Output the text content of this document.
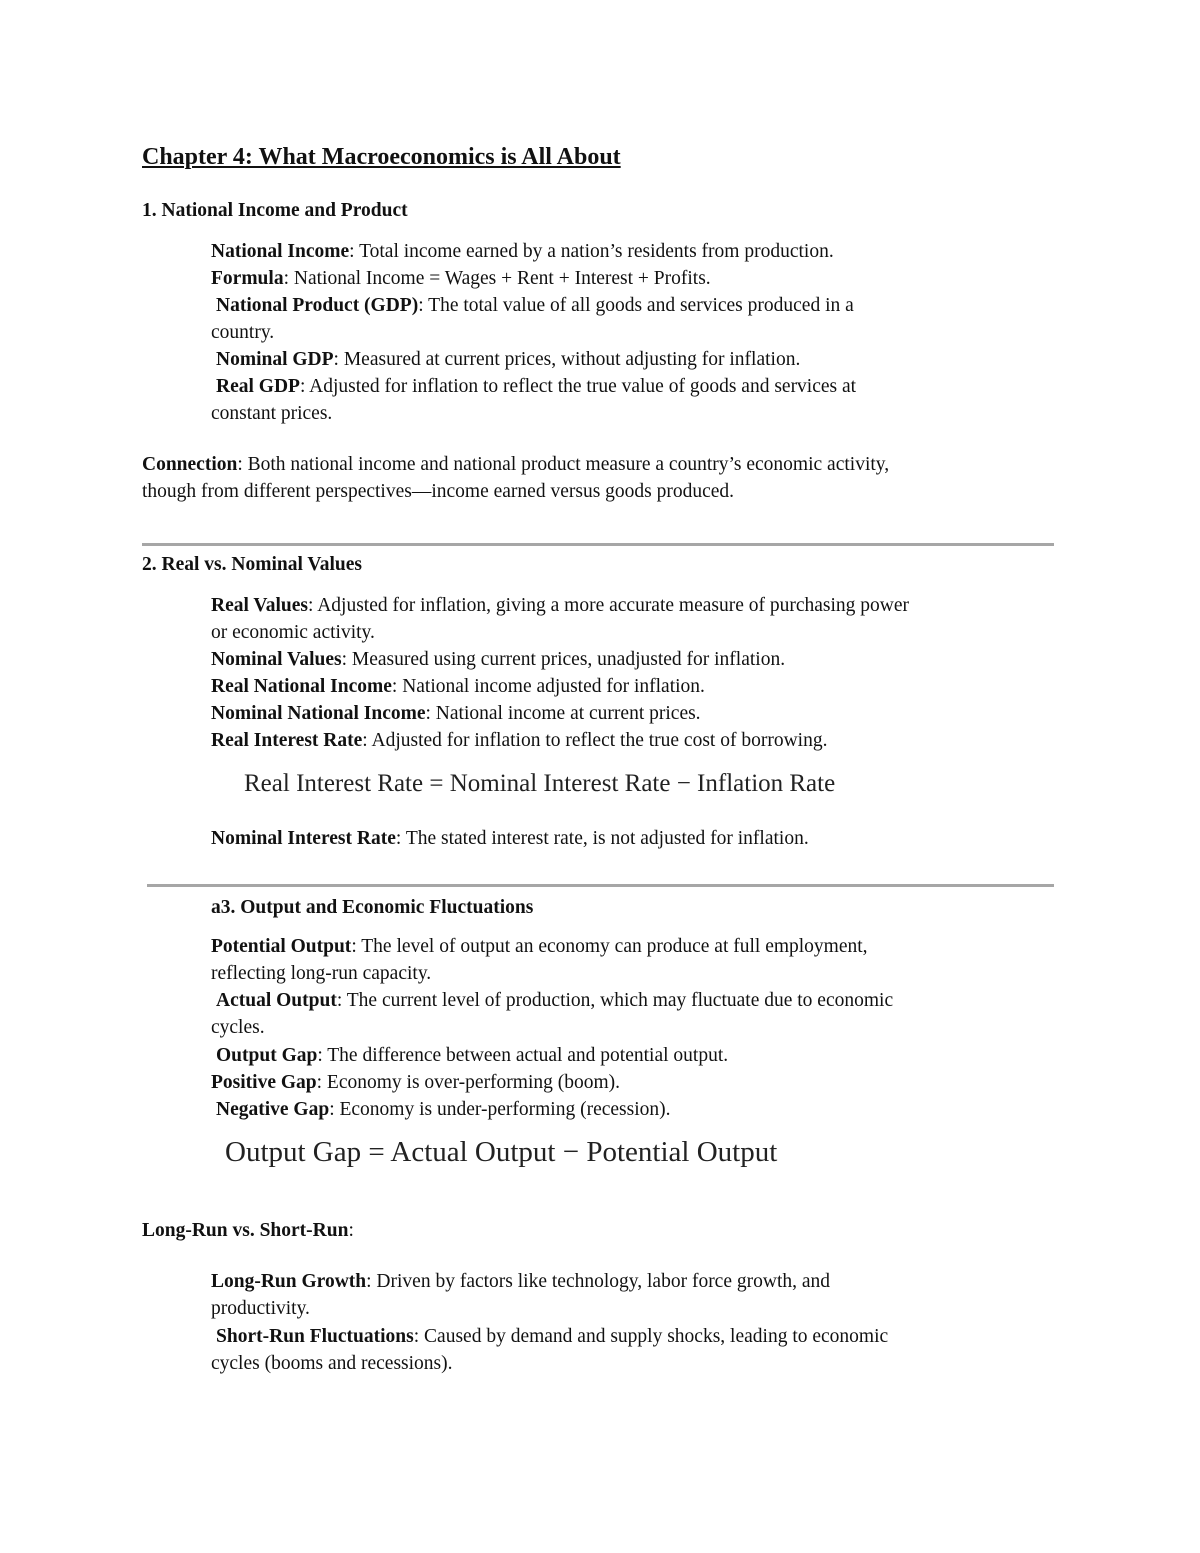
Chapter 4: What Macroeconomics is All About
1. National Income and Product
National Income: Total income earned by a nation’s residents from production.
Formula: National Income = Wages + Rent + Interest + Profits.
National Product (GDP): The total value of all goods and services produced in a
country.
Nominal GDP: Measured at current prices, without adjusting for inflation.
Real GDP: Adjusted for inflation to reflect the true value of goods and services at
constant prices.
Connection: Both national income and national product measure a country’s economic activity,
though from different perspectives—income earned versus goods produced.
2. Real vs. Nominal Values
Real Values: Adjusted for inflation, giving a more accurate measure of purchasing power
or economic activity.
Nominal Values: Measured using current prices, unadjusted for inflation.
Real National Income: National income adjusted for inflation.
Nominal National Income: National income at current prices.
Real Interest Rate: Adjusted for inflation to reflect the true cost of borrowing.
Real Interest Rate = Nominal Interest Rate − Inflation Rate
Nominal Interest Rate: The stated interest rate, is not adjusted for inflation.
a3. Output and Economic Fluctuations
Potential Output: The level of output an economy can produce at full employment,
reflecting long-run capacity.
Actual Output: The current level of production, which may fluctuate due to economic
cycles.
Output Gap: The difference between actual and potential output.
Positive Gap: Economy is over-performing (boom).
Negative Gap: Economy is under-performing (recession).
Output Gap = Actual Output − Potential Output
Long-Run vs. Short-Run:
Long-Run Growth: Driven by factors like technology, labor force growth, and
productivity.
Short-Run Fluctuations: Caused by demand and supply shocks, leading to economic
cycles (booms and recessions).
